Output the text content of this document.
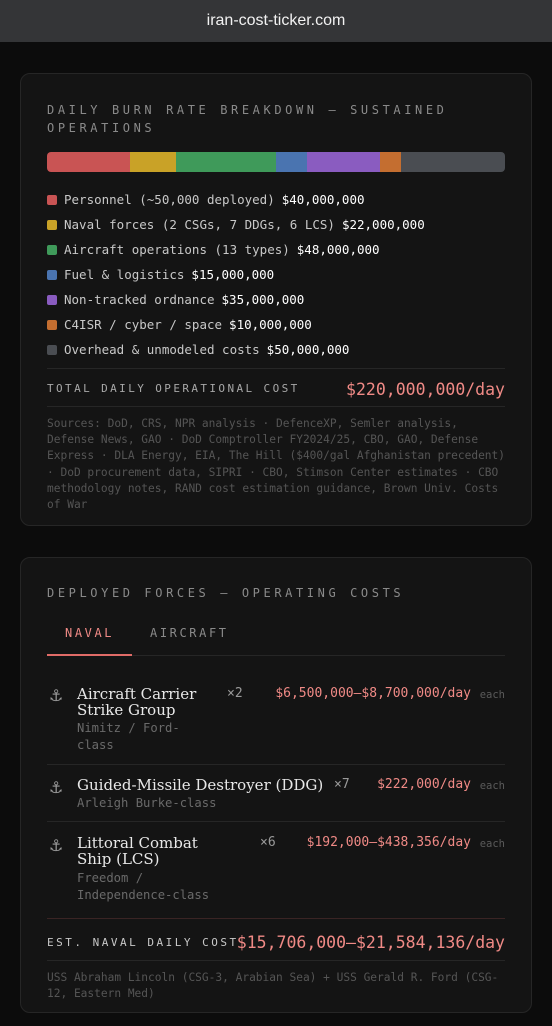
iran-cost-ticker.com
DAILY BURN RATE BREAKDOWN — SUSTAINED OPERATIONS
Personnel (~50,000 deployed) $40,000,000
Naval forces (2 CSGs, 7 DDGs, 6 LCS) $22,000,000
Aircraft operations (13 types) $48,000,000
Fuel & logistics $15,000,000
Non-tracked ordnance $35,000,000
C4ISR / cyber / space $10,000,000
Overhead & unmodeled costs $50,000,000
TOTAL DAILY OPERATIONAL COST	$220,000,000/day
Sources: DoD, CRS, NPR analysis · DefenceXP, Semler analysis, Defense News, GAO · DoD Comptroller FY2024/25, CBO, GAO, Defense Express · DLA Energy, EIA, The Hill ($400/gal Afghanistan precedent) · DoD procurement data, SIPRI · CBO, Stimson Center estimates · CBO methodology notes, RAND cost estimation guidance, Brown Univ. Costs of War
DEPLOYED FORCES — OPERATING COSTS
NAVAL	AIRCRAFT
⚓ Aircraft Carrier Strike Group
Nimitz / Ford-class
×2	$6,500,000–$8,700,000/day each
⚓ Guided-Missile Destroyer (DDG)
Arleigh Burke-class
×7 $222,000/day each
⚓ Littoral Combat Ship (LCS)
Freedom / Independence-class
×6 $192,000–$438,356/day each
EST. NAVAL DAILY COST
$15,706,000–$21,584,136/day
USS Abraham Lincoln (CSG-3, Arabian Sea) + USS Gerald R. Ford (CSG-12, Eastern Med)
